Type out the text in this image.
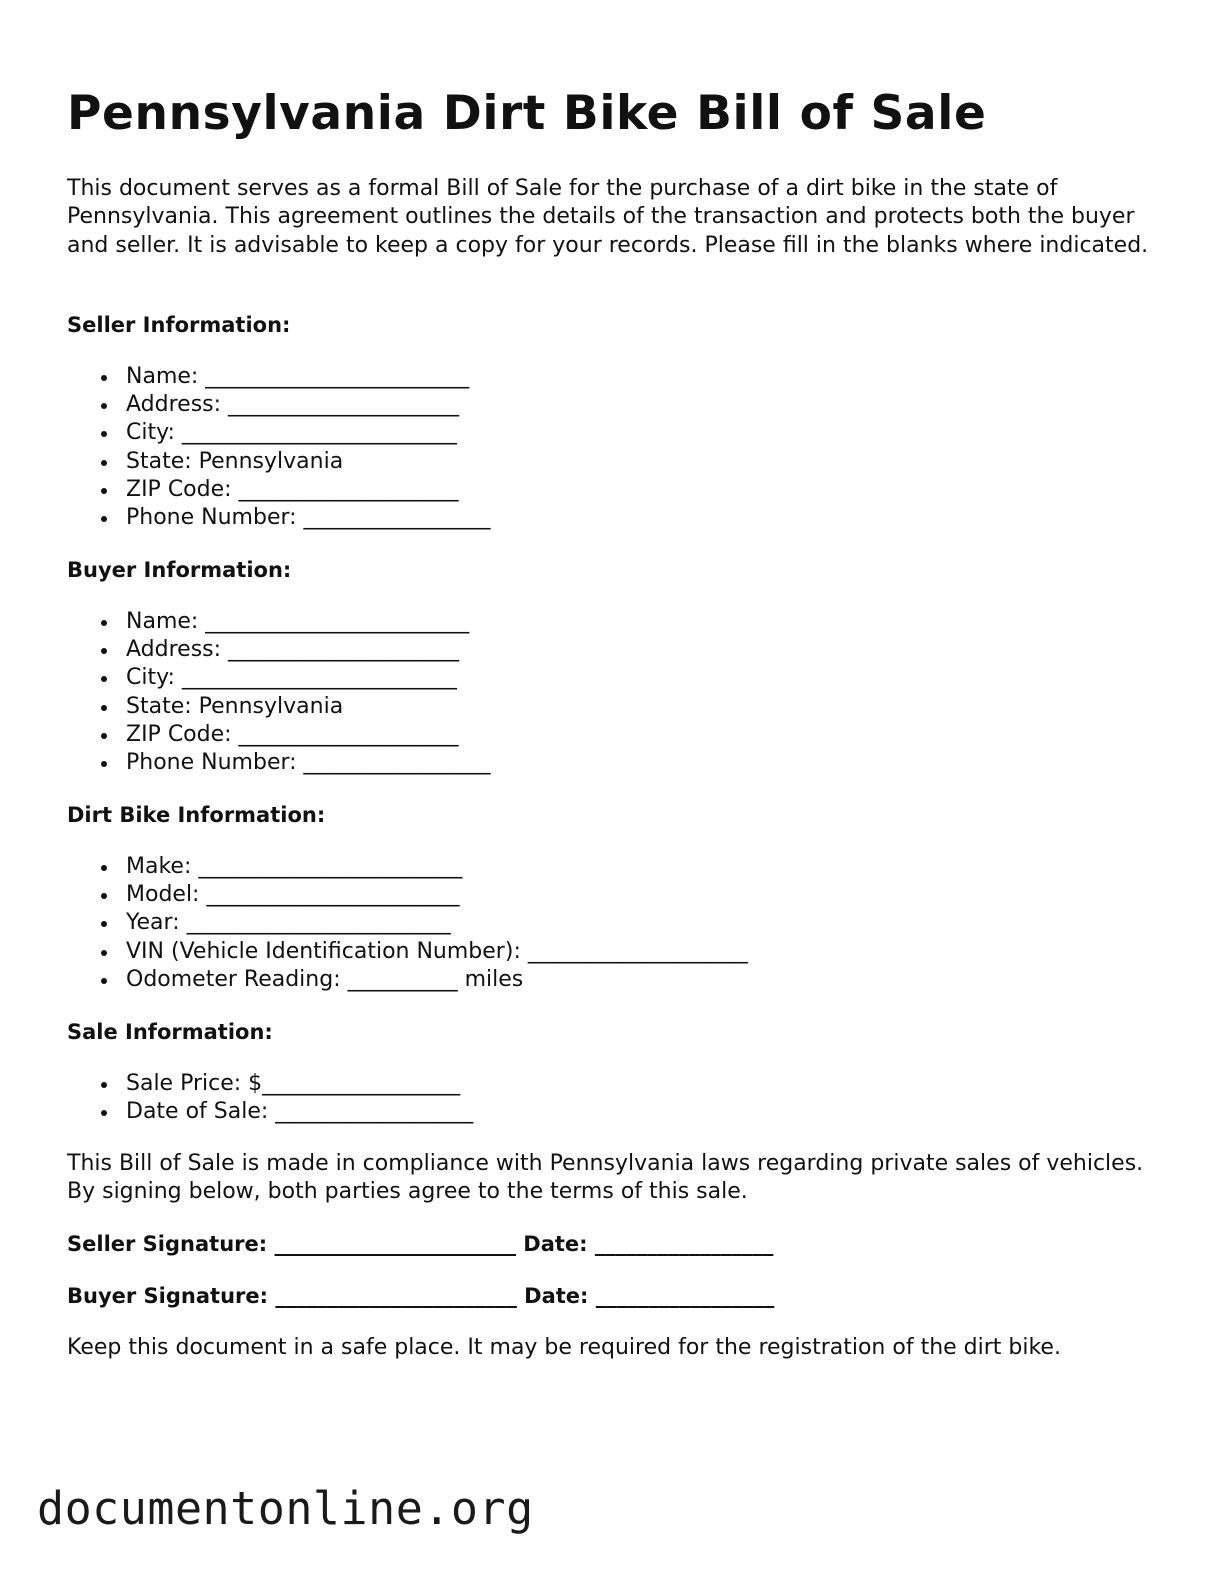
Pennsylvania Dirt Bike Bill of Sale

This document serves as a formal Bill of Sale for the purchase of a dirt bike in the state of Pennsylvania. This agreement outlines the details of the transaction and protects both the buyer and seller. It is advisable to keep a copy for your records. Please fill in the blanks where indicated.

Seller Information:

Name: ________________________
Address: _____________________
City: _________________________
State: Pennsylvania
ZIP Code: ____________________
Phone Number: _________________

Buyer Information:

Name: ________________________
Address: _____________________
City: _________________________
State: Pennsylvania
ZIP Code: ____________________
Phone Number: _________________

Dirt Bike Information:

Make: ________________________
Model: _______________________
Year: ________________________
VIN (Vehicle Identification Number): ____________________
Odometer Reading: __________ miles

Sale Information:

Sale Price: $__________________
Date of Sale: __________________

This Bill of Sale is made in compliance with Pennsylvania laws regarding private sales of vehicles. By signing below, both parties agree to the terms of this sale.

Seller Signature: _______________________ Date: _________________

Buyer Signature: _______________________ Date: _________________

Keep this document in a safe place. It may be required for the registration of the dirt bike.

documentonline.org
